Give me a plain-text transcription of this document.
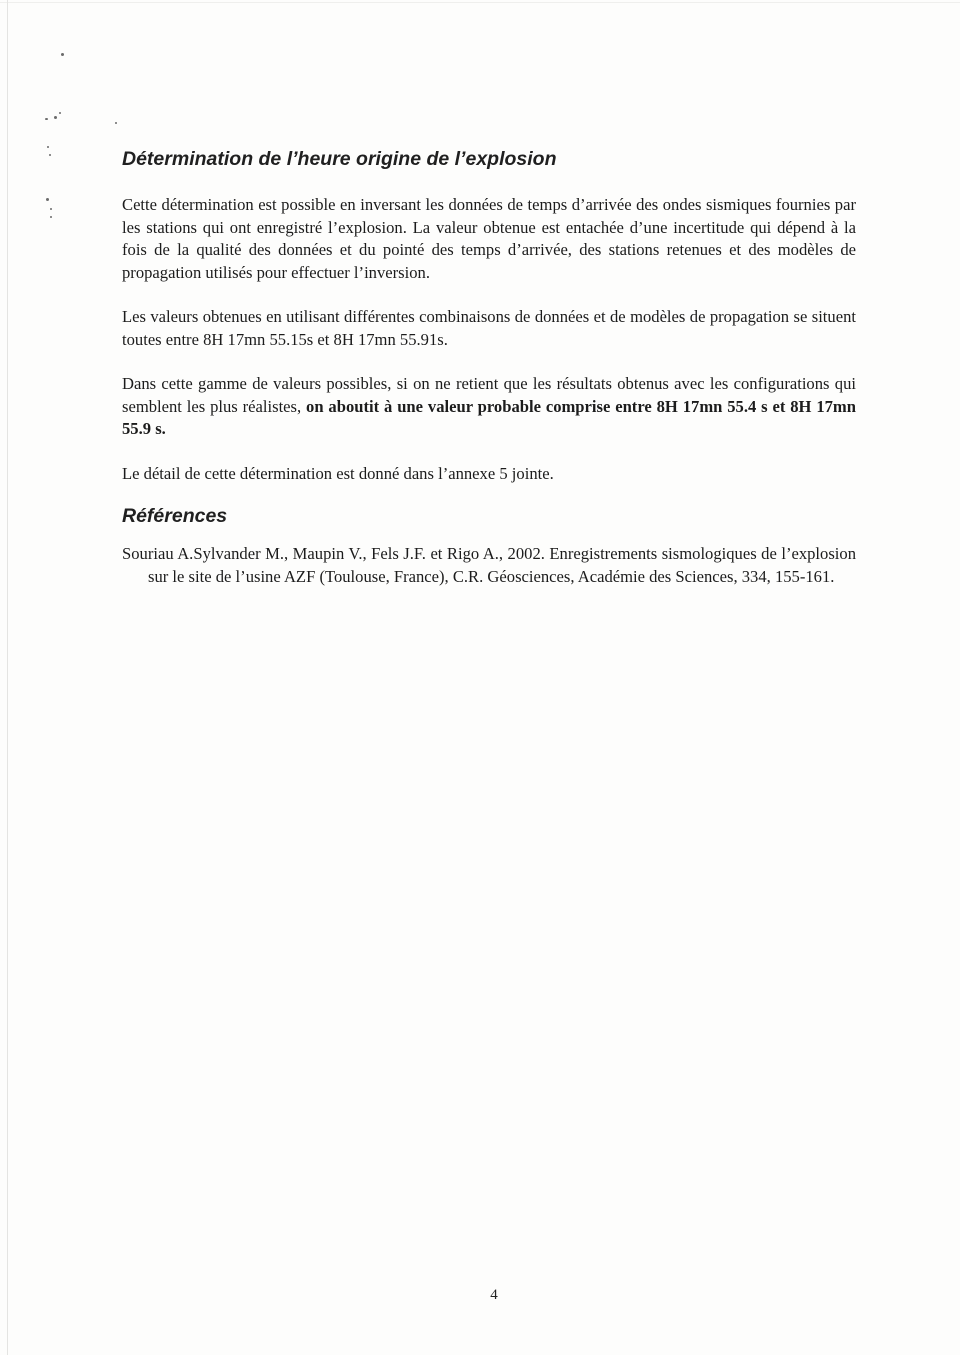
Détermination de l’heure origine de l’explosion

Cette détermination est possible en inversant les données de temps d’arrivée des ondes sismiques fournies par les stations qui ont enregistré l’explosion. La valeur obtenue est entachée d’une incertitude qui dépend à la fois de la qualité des données et du pointé des temps d’arrivée, des stations retenues et des modèles de propagation utilisés pour effectuer l’inversion.

Les valeurs obtenues en utilisant différentes combinaisons de données et de modèles de propagation se situent toutes entre 8H 17mn 55.15s et 8H 17mn 55.91s.

Dans cette gamme de valeurs possibles, si on ne retient que les résultats obtenus avec les configurations qui semblent les plus réalistes, on aboutit à une valeur probable comprise entre 8H 17mn 55.4 s et 8H 17mn 55.9 s.

Le détail de cette détermination est donné dans l’annexe 5 jointe.

Références
Souriau A.Sylvander M., Maupin V., Fels J.F. et Rigo A., 2002. Enregistrements sismologiques de l’explosion sur le site de l’usine AZF (Toulouse, France), C.R. Géosciences, Académie des Sciences, 334, 155-161.
4
